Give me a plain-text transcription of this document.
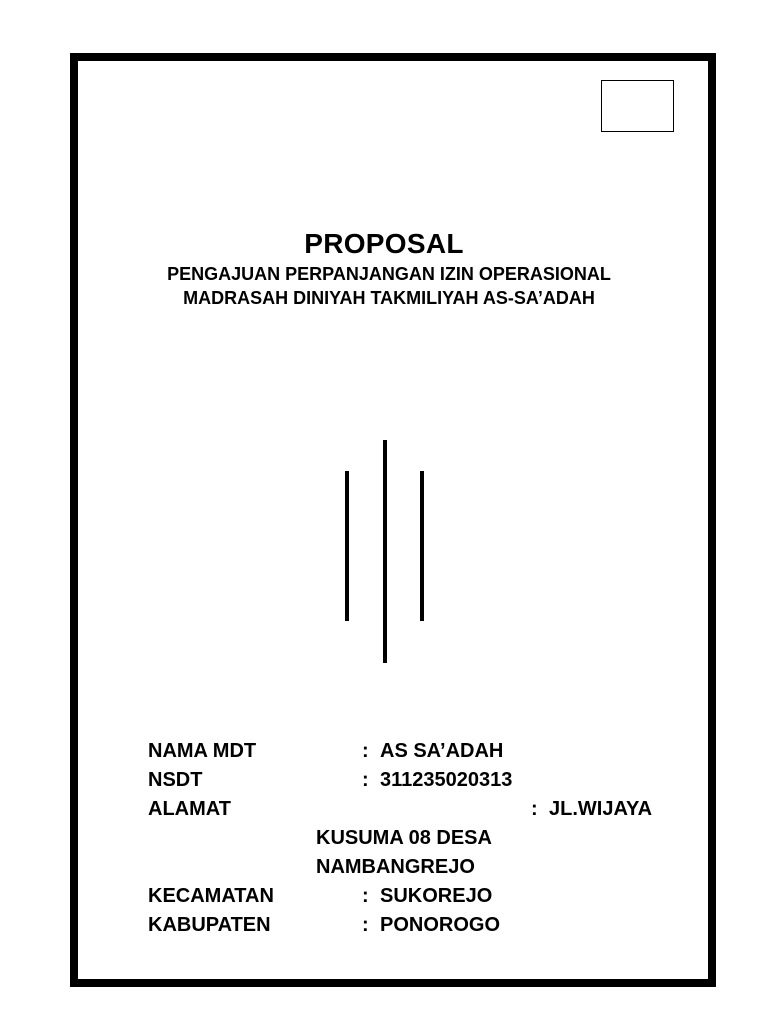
PROPOSAL
PENGAJUAN PERPANJANGAN IZIN OPERASIONAL
MADRASAH DINIYAH TAKMILIYAH AS-SA’ADAH
NAMA MDT	: AS SA’ADAH
NSDT	: 311235020313
ALAMAT	: JL.WIJAYA
KUSUMA 08 DESA
NAMBANGREJO
KECAMATAN	: SUKOREJO
KABUPATEN	: PONOROGO
